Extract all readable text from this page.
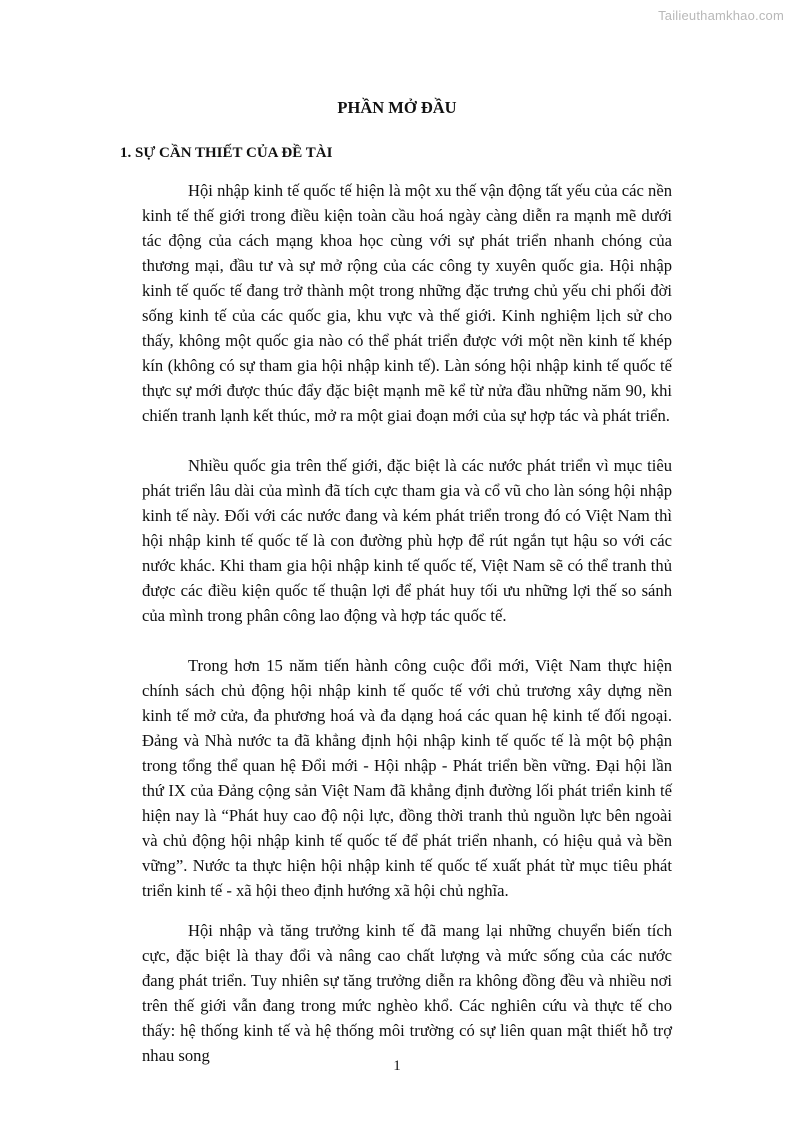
Tailieuthamkhao.com
PHẦN MỞ ĐẦU
1. SỰ CẦN THIẾT CỦA ĐỀ TÀI

Hội nhập kinh tế quốc tế hiện là một xu thế vận động tất yếu của các nền kinh tế thế giới trong điều kiện toàn cầu hoá ngày càng diễn ra mạnh mẽ dưới tác động của cách mạng khoa học cùng với sự phát triển nhanh chóng của thương mại, đầu tư và sự mở rộng của các công ty xuyên quốc gia. Hội nhập kinh tế quốc tế đang trở thành một trong những đặc trưng chủ yếu chi phối đời sống kinh tế của các quốc gia, khu vực và thế giới. Kinh nghiệm lịch sử cho thấy, không một quốc gia nào có thể phát triển được với một nền kinh tế khép kín (không có sự tham gia hội nhập kinh tế). Làn sóng hội nhập kinh tế quốc tế thực sự mới được thúc đẩy đặc biệt mạnh mẽ kể từ nửa đầu những năm 90, khi chiến tranh lạnh kết thúc, mở ra một giai đoạn mới của sự hợp tác và phát triển.

Nhiều quốc gia trên thế giới, đặc biệt là các nước phát triển vì mục tiêu phát triển lâu dài của mình đã tích cực tham gia và cổ vũ cho làn sóng hội nhập kinh tế này. Đối với các nước đang và kém phát triển trong đó có Việt Nam thì hội nhập kinh tế quốc tế là con đường phù hợp để rút ngắn tụt hậu so với các nước khác. Khi tham gia hội nhập kinh tế quốc tế, Việt Nam sẽ có thể tranh thủ được các điều kiện quốc tế thuận lợi để phát huy tối ưu những lợi thế so sánh của mình trong phân công lao động và hợp tác quốc tế.

Trong hơn 15 năm tiến hành công cuộc đổi mới, Việt Nam thực hiện chính sách chủ động hội nhập kinh tế quốc tế với chủ trương xây dựng nền kinh tế mở cửa, đa phương hoá và đa dạng hoá các quan hệ kinh tế đối ngoại. Đảng và Nhà nước ta đã khẳng định hội nhập kinh tế quốc tế là một bộ phận trong tổng thể quan hệ Đổi mới - Hội nhập - Phát triển bền vững. Đại hội lần thứ IX của Đảng cộng sản Việt Nam đã khẳng định đường lối phát triển kinh tế hiện nay là “Phát huy cao độ nội lực, đồng thời tranh thủ nguồn lực bên ngoài và chủ động hội nhập kinh tế quốc tế để phát triển nhanh, có hiệu quả và bền vững”. Nước ta thực hiện hội nhập kinh tế quốc tế xuất phát từ mục tiêu phát triển kinh tế - xã hội theo định hướng xã hội chủ nghĩa.

Hội nhập và tăng trưởng kinh tế đã mang lại những chuyển biến tích cực, đặc biệt là thay đổi và nâng cao chất lượng và mức sống của các nước đang phát triển. Tuy nhiên sự tăng trưởng diễn ra không đồng đều và nhiều nơi trên thế giới vẫn đang trong mức nghèo khổ. Các nghiên cứu và thực tế cho thấy: hệ thống kinh tế và hệ thống môi trường có sự liên quan mật thiết hỗ trợ nhau song

1
